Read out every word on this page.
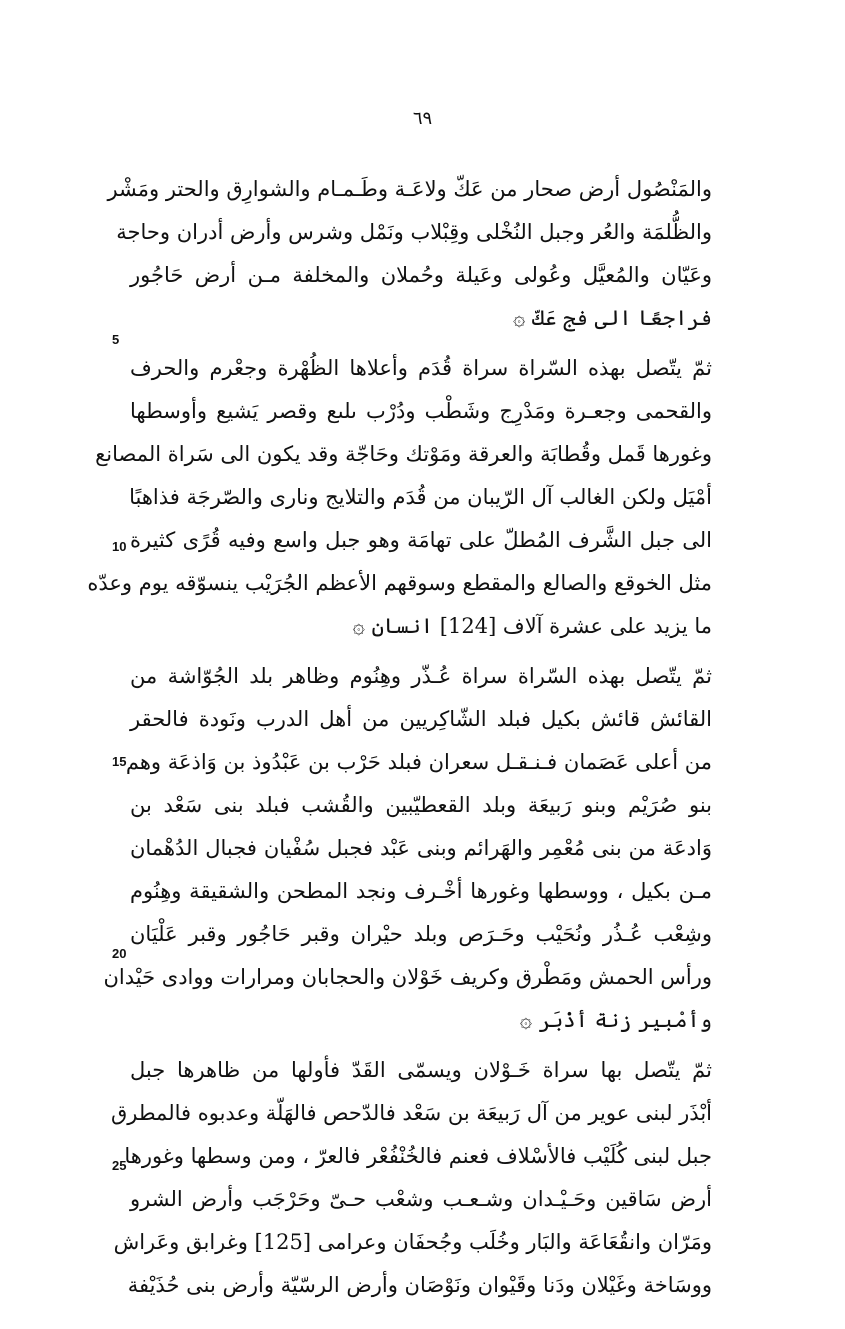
٦٩
5
10
15
20
25
والمَنْصُول أرض صحار من عَكّ ولاعَـة وطَـمـام والشوارِق والحتر ومَشْر
والظُّلمَة والعُر وجبل النُخْلى وقِبْلاب ونَمْل وشرس وأرض أدران وحاجة
وعَيّان والمُعيَّل وعُولى وعَيلة وحُملان والمخلفة مـن أرض حَاجُور
فراجعًا الى فج عَكّ ۞
ثمّ يتّصل بهذه السّراة سراة قُدَم وأعلاها الظُهْرة وجعْرم والحرف
والقحمى وجعـرة ومَدْرِج وشَطْب ودُرْب ىلىع وقصر يَشيع وأوسطها
وغورها قَمل وقُطابَة والعرقة ومَوْتك وحَاجّة وقد يكون الى سَراة المصانع
أمْيَل ولكن الغالب آل الرّيبان من قُدَم والتلايج ونارى والصّرجَة فذاهبًا
الى جبل الشَّرف المُطلّ على تهامَة وهو جبل واسع وفيه قُرًى كثيرة
مثل الخوقع والصالع والمقطع وسوقهم الأعظم الجُرَيْب ينسوّقه يوم وعدّه
ما يزيد على عشرة آلاف [124] انسان ۞
ثمّ يتّصل بهذه السّراة سراة عُـذّر وهِنُوم وظاهر بلد الجُوّاشة من
القائش قائش بكيل فبلد الشّاكِريين من أهل الدرب ونَودة فالحقر
من أعلى عَصَمان فـنـقـل سعران فبلد حَرْب بن عَبْدُوذ بن وَاذعَة وهم
بنو صُرَيْم وبنو رَبيعَة وبلد القعطيّبين والقُشب فبلد بنى سَعْد بن
وَادعَة من بنى مُعْمِر والهَرائم وبنى عَبْد فجبل سُفْيان فجبال الدُهْمان
مـن بكيل ، ووسطها وغورها أخْـرف ونجد المطحن والشقيقة وهِنُوم
وشِعْب عُـذُر ونُحَيْب وحَـرَص وبلد حيْران وقبر حَاجُور وقبر عَلْيَان
ورأس الحمش ومَطْرق وكريف خَوْلان والحجابان ومرارات ووادى حَيْدان
وأمْبير زنة أذْبَر ۞
ثمّ يتّصل بها سراة خَـوْلان ويسمّى القَدّ فأولها من ظاهرها جبل
أبْذَر لبنى عوير من آل رَبيعَة بن سَعْد فالدّحص فالهَلّة وعدبوه فالمطرق
جبل لبنى كُلَيْب فالأسْلاف فعنم فالخُنْفُعْر فالعرّ ، ومن وسطها وغورها
أرض سَاقين وحَـيْـدان وشـعـب وشعْب حـىّ وحَرْجَب وأرض الشرو
ومَرّان وانقُعَاعَة والبَار وخُلَب وجُحفَان وعرامى [125] وغرابق وعَراش
ووسَاخة وغَيْلان ودَنا وقَيْوان ونَوْصَان وأرض الرسّيّة وأرض بنى حُذَيْفة
